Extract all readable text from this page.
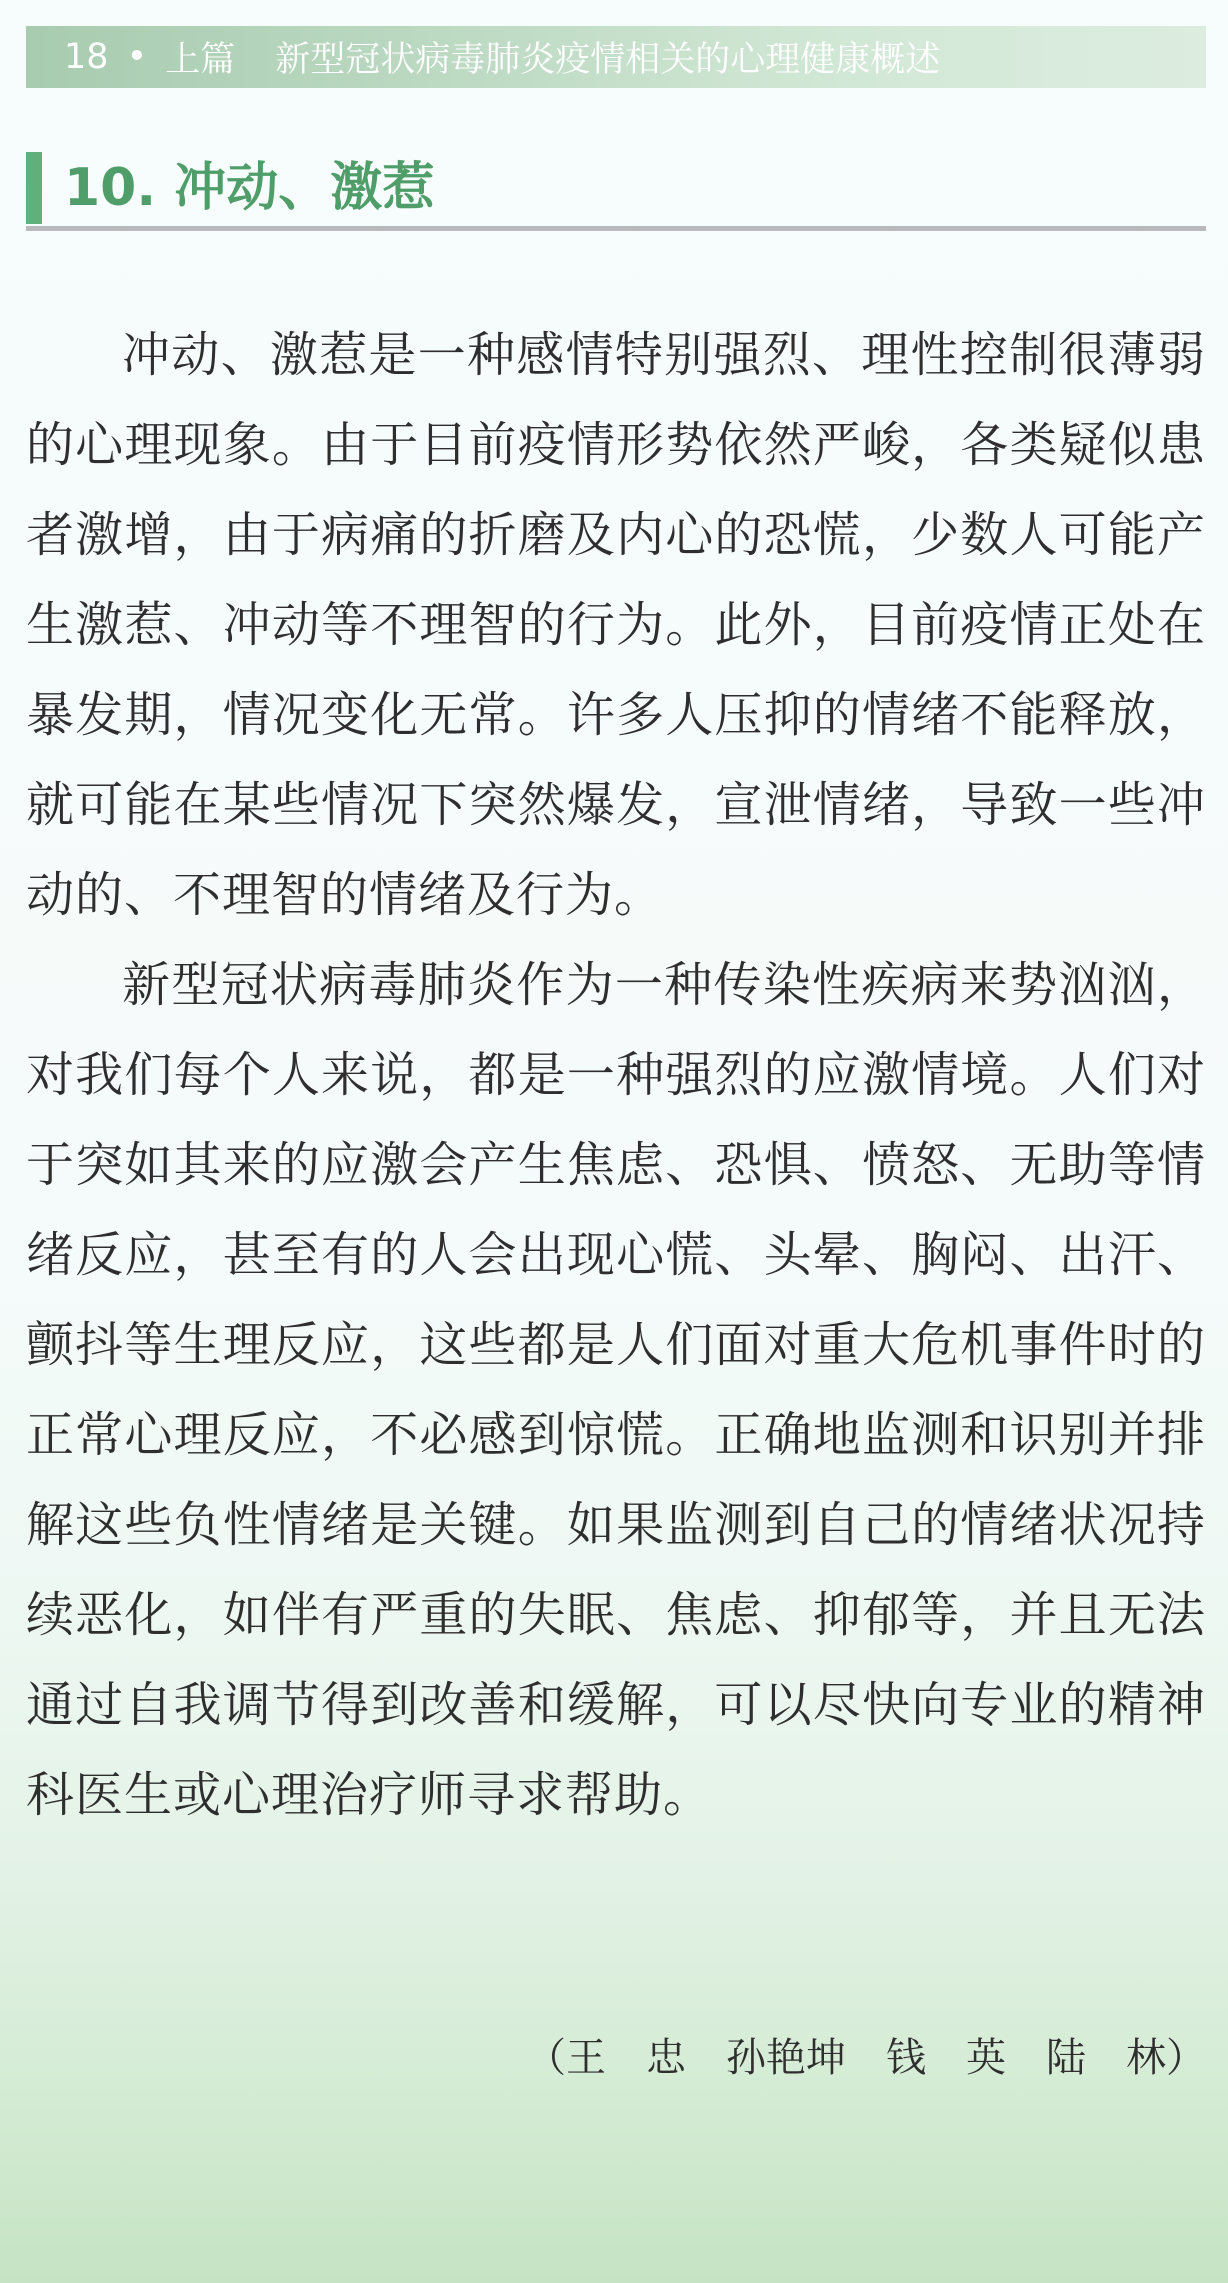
18 • 上篇 新型冠状病毒肺炎疫情相关的心理健康概述
10. 冲动、激惹

冲动、激惹是一种感情特别强烈、理性控制很薄弱的心理现象。由于目前疫情形势依然严峻，各类疑似患者激增，由于病痛的折磨及内心的恐慌，少数人可能产生激惹、冲动等不理智的行为。此外，目前疫情正处在暴发期，情况变化无常。许多人压抑的情绪不能释放，就可能在某些情况下突然爆发，宣泄情绪，导致一些冲动的、不理智的情绪及行为。

新型冠状病毒肺炎作为一种传染性疾病来势汹汹，对我们每个人来说，都是一种强烈的应激情境。人们对于突如其来的应激会产生焦虑、恐惧、愤怒、无助等情绪反应，甚至有的人会出现心慌、头晕、胸闷、出汗、颤抖等生理反应，这些都是人们面对重大危机事件时的正常心理反应，不必感到惊慌。正确地监测和识别并排解这些负性情绪是关键。如果监测到自己的情绪状况持续恶化，如伴有严重的失眠、焦虑、抑郁等，并且无法通过自我调节得到改善和缓解，可以尽快向专业的精神科医生或心理治疗师寻求帮助。

（王　忠　孙艳坤　钱　英　陆　林）
